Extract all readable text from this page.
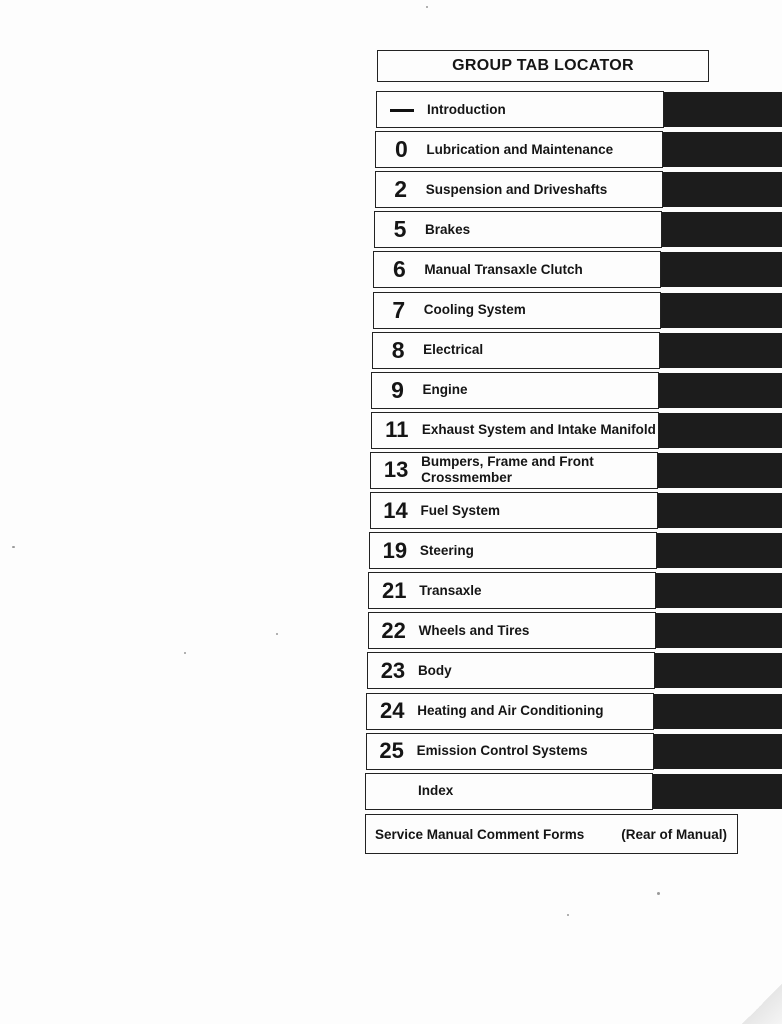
GROUP TAB LOCATOR
Introduction
0	Lubrication and Maintenance
2	Suspension and Driveshafts
5	Brakes
6	Manual Transaxle Clutch
7	Cooling System
8	Electrical
9	Engine
11 Exhaust System and Intake Manifold
13 Bumpers, Frame and Front Crossmember
14 Fuel System
19 Steering
21 Transaxle
22 Wheels and Tires
23 Body
24 Heating and Air Conditioning
25 Emission Control Systems
Index
Service Manual Comment Forms	(Rear of Manual)
